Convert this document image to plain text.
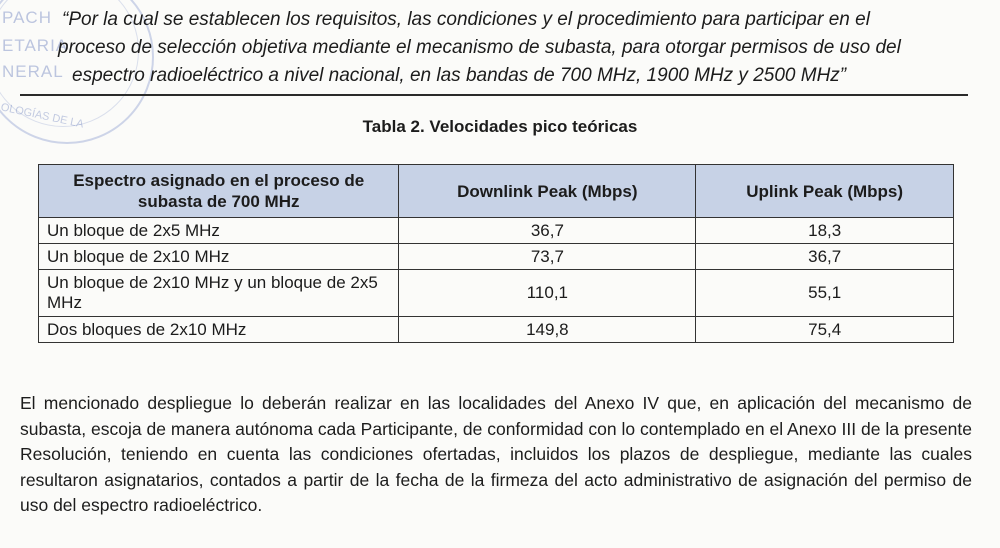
PACH
ETARIA
NERAL
OLOGÍAS DE LA
“Por la cual se establecen los requisitos, las condiciones y el procedimiento para participar en el
proceso de selección objetiva mediante el mecanismo de subasta, para otorgar permisos de uso del
espectro radioeléctrico a nivel nacional, en las bandas de 700 MHz, 1900 MHz y 2500 MHz”
Tabla 2. Velocidades pico teóricas
Espectro asignado en el proceso de subasta de 700 MHz	Downlink Peak (Mbps)	Uplink Peak (Mbps)
Un bloque de 2x5 MHz	36,7	18,3
Un bloque de 2x10 MHz	73,7	36,7
Un bloque de 2x10 MHz y un bloque de 2x5 MHz	110,1	55,1
Dos bloques de 2x10 MHz	149,8	75,4
El mencionado despliegue lo deberán realizar en las localidades del Anexo IV que, en aplicación del mecanismo de subasta, escoja de manera autónoma cada Participante, de conformidad con lo contemplado en el Anexo III de la presente Resolución, teniendo en cuenta las condiciones ofertadas, incluidos los plazos de despliegue, mediante las cuales resultaron asignatarios, contados a partir de la fecha de la firmeza del acto administrativo de asignación del permiso de uso del espectro radioeléctrico.
